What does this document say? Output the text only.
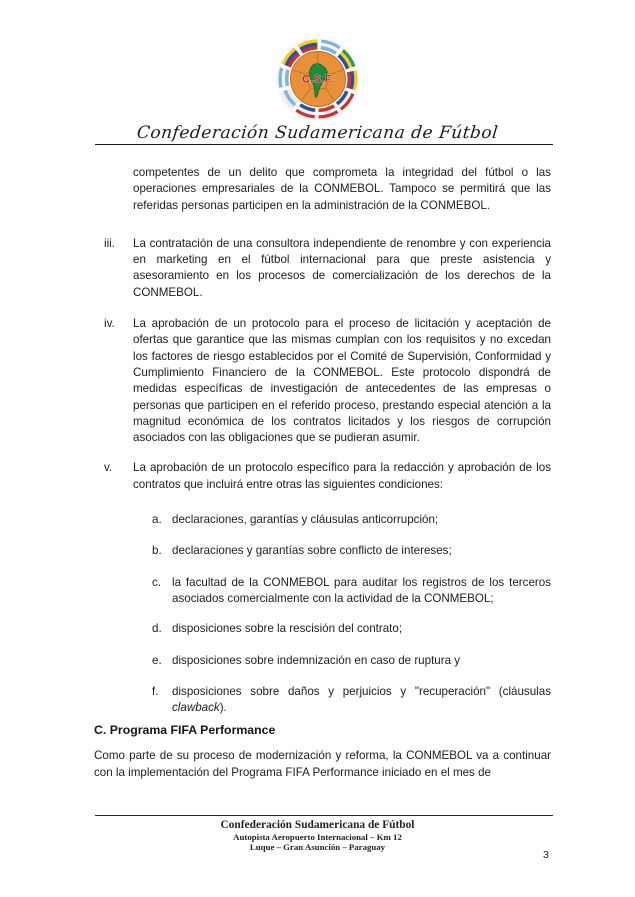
C.S.F.
Confederación Sudamericana de Fútbol

competentes de un delito que comprometa la integridad del fútbol o las operaciones empresariales de la CONMEBOL. Tampoco se permitirá que las referidas personas participen en la administración de la CONMEBOL.

iii. La contratación de una consultora independiente de renombre y con experiencia en marketing en el fútbol internacional para que preste asistencia y asesoramiento en los procesos de comercialización de los derechos de la CONMEBOL.
iv. La aprobación de un protocolo para el proceso de licitación y aceptación de ofertas que garantice que las mismas cumplan con los requisitos y no excedan los factores de riesgo establecidos por el Comité de Supervisión, Conformidad y Cumplimiento Financiero de la CONMEBOL. Este protocolo dispondrá de medidas específicas de investigación de antecedentes de las empresas o personas que participen en el referido proceso, prestando especial atención a la magnitud económica de los contratos licitados y los riesgos de corrupción asociados con las obligaciones que se pudieran asumir.
v. La aprobación de un protocolo específico para la redacción y aprobación de los contratos que incluirá entre otras las siguientes condiciones:
a. declaraciones, garantías y cláusulas anticorrupción;
b. declaraciones y garantías sobre conflicto de intereses;
c. la facultad de la CONMEBOL para auditar los registros de los terceros asociados comercialmente con la actividad de la CONMEBOL;
d. disposiciones sobre la rescisión del contrato;
e. disposiciones sobre indemnización en caso de ruptura y
f. disposiciones sobre daños y perjuicios y "recuperación" (cláusulas clawback).
C. Programa FIFA Performance

Como parte de su proceso de modernización y reforma, la CONMEBOL va a continuar con la implementación del Programa FIFA Performance iniciado en el mes de

Confederación Sudamericana de Fútbol
Autopista Aeropuerto Internacional – Km 12
Luque – Gran Asunción – Paraguay
3
